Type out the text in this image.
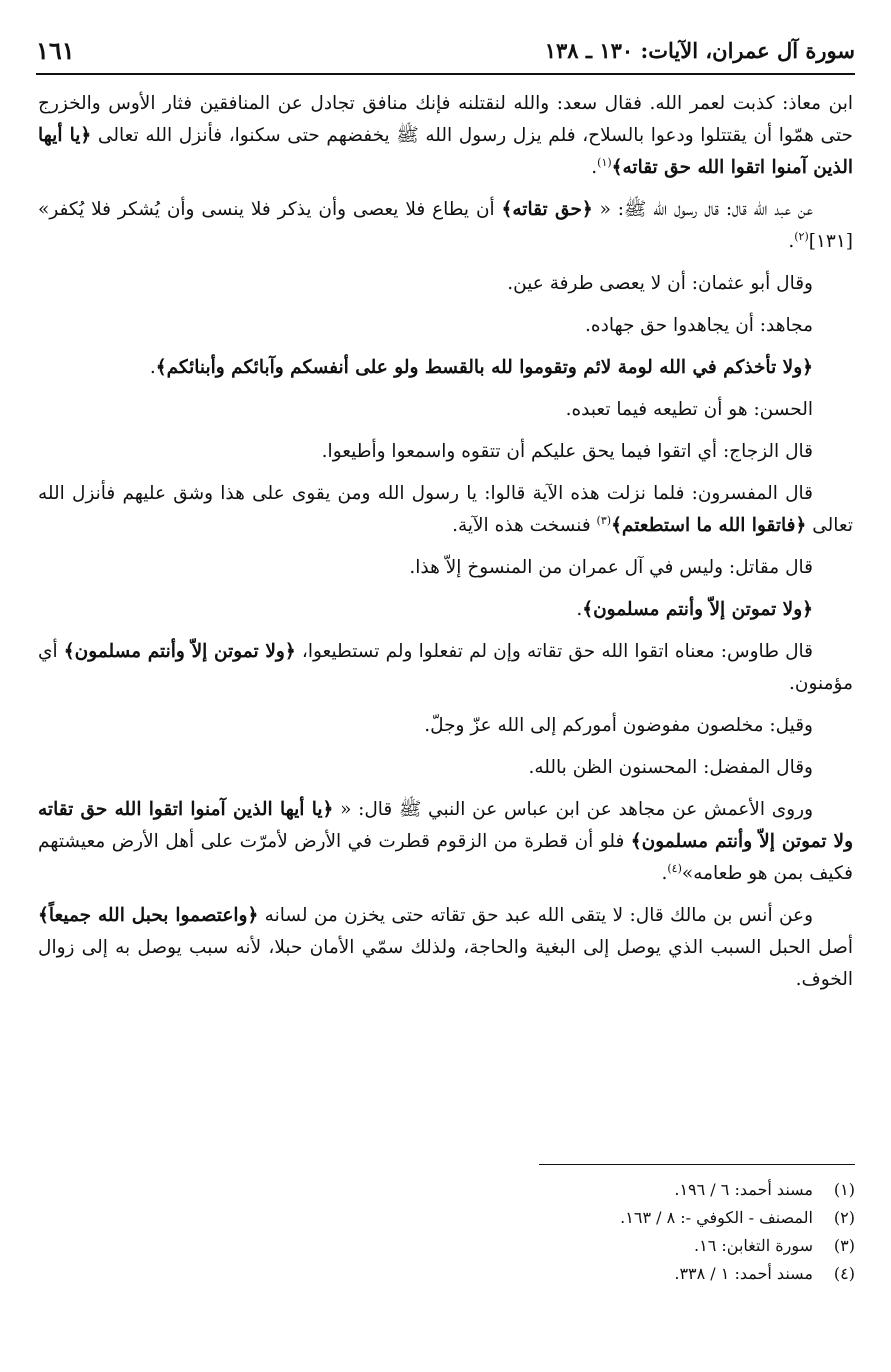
سورة آل عمران، الآيات: ١٣٠ ـ ١٣٨
١٦١

ابن معاذ: كذبت لعمر الله. فقال سعد: والله لنقتلنه فإنك منافق تجادل عن المنافقين فثار الأوس والخزرج حتى همّوا أن يقتتلوا ودعوا بالسلاح، فلم يزل رسول الله ﷺ يخفضهم حتى سكنوا، فأنزل الله تعالى ﴿يا أيها الذين آمنوا اتقوا الله حق تقاته﴾$^{(١)}$.

عن عبد الله قال: قال رسول الله ﷺ: « ﴿حق تقاته﴾ أن يطاع فلا يعصى وأن يذكر فلا ينسى وأن يُشكر فلا يُكفر» [١٣١]$^{(٢)}$.

وقال أبو عثمان: أن لا يعصى طرفة عين.

مجاهد: أن يجاهدوا حق جهاده.

﴿ولا تأخذكم في الله لومة لائم وتقوموا لله بالقسط ولو على أنفسكم وآبائكم وأبنائكم﴾.

الحسن: هو أن تطيعه فيما تعبده.

قال الزجاج: أي اتقوا فيما يحق عليكم أن تتقوه واسمعوا وأطيعوا.

قال المفسرون: فلما نزلت هذه الآية قالوا: يا رسول الله ومن يقوى على هذا وشق عليهم فأنزل الله تعالى ﴿فاتقوا الله ما استطعتم﴾$^{(٣)}$ فنسخت هذه الآية.

قال مقاتل: وليس في آل عمران من المنسوخ إلاّ هذا.

﴿ولا تموتن إلاّ وأنتم مسلمون﴾.

قال طاوس: معناه اتقوا الله حق تقاته وإن لم تفعلوا ولم تستطيعوا، ﴿ولا تموتن إلاّ وأنتم مسلمون﴾ أي مؤمنون.

وقيل: مخلصون مفوضون أموركم إلى الله عزّ وجلّ.

وقال المفضل: المحسنون الظن بالله.

وروى الأعمش عن مجاهد عن ابن عباس عن النبي ﷺ قال: « ﴿يا أيها الذين آمنوا اتقوا الله حق تقاته ولا تموتن إلاّ وأنتم مسلمون﴾ فلو أن قطرة من الزقوم قطرت في الأرض لأمرّت على أهل الأرض معيشتهم فكيف بمن هو طعامه»$^{(٤)}$.

وعن أنس بن مالك قال: لا يتقى الله عبد حق تقاته حتى يخزن من لسانه ﴿واعتصموا بحبل الله جميعاً﴾ أصل الحبل السبب الذي يوصل إلى البغية والحاجة، ولذلك سمّي الأمان حبلا، لأنه سبب يوصل به إلى زوال الخوف.

(١)
مسند أحمد: ٦ / ١٩٦.
(٢)
المصنف - الكوفي -: ٨ / ١٦٣.
(٣)
سورة التغابن: ١٦.
(٤)
مسند أحمد: ١ / ٣٣٨.
